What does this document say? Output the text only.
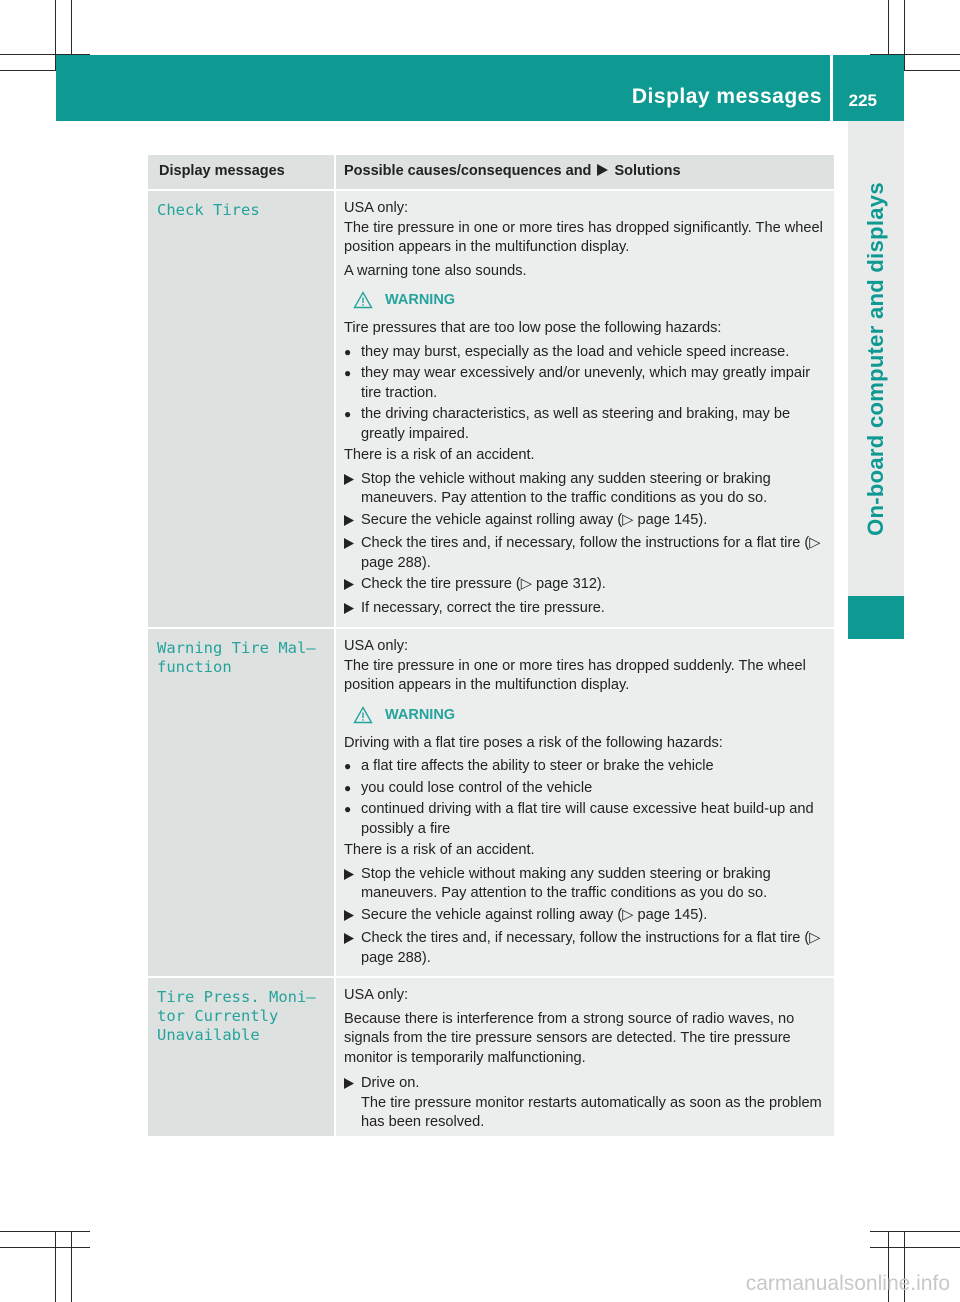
Display messages 225
On-board computer and displays
Display messages	Possible causes/consequences and Solutions
Check Tires	USA only:

The tire pressure in one or more tires has dropped significantly. The wheel position appears in the multifunction display.

A warning tone also sounds.

WARNING

Tire pressures that are too low pose the following hazards:

● they may burst, especially as the load and vehicle speed increase.
● they may wear excessively and/or unevenly, which may greatly impair tire traction.
● the driving characteristics, as well as steering and braking, may be greatly impaired.

There is a risk of an accident.

Stop the vehicle without making any sudden steering or braking maneuvers. Pay attention to the traffic conditions as you do so.
Secure the vehicle against rolling away (▷ page 145).
Check the tires and, if necessary, follow the instructions for a flat tire (▷ page 288).
Check the tire pressure (▷ page 312).
If necessary, correct the tire pressure.
Warning Tire Mal–
function

USA only:

The tire pressure in one or more tires has dropped suddenly. The wheel position appears in the multifunction display.

WARNING

Driving with a flat tire poses a risk of the following hazards:

● a flat tire affects the ability to steer or brake the vehicle
● you could lose control of the vehicle
● continued driving with a flat tire will cause excessive heat build-up and possibly a fire

There is a risk of an accident.

Stop the vehicle without making any sudden steering or braking maneuvers. Pay attention to the traffic conditions as you do so.
Secure the vehicle against rolling away (▷ page 145).
Check the tires and, if necessary, follow the instructions for a flat tire (▷ page 288).
Tire Press. Moni–
tor Currently
Unavailable

USA only:

Because there is interference from a strong source of radio waves, no signals from the tire pressure sensors are detected. The tire pressure monitor is temporarily malfunctioning.

Drive on.
The tire pressure monitor restarts automatically as soon as the problem has been resolved.
carmanualsonline.info
